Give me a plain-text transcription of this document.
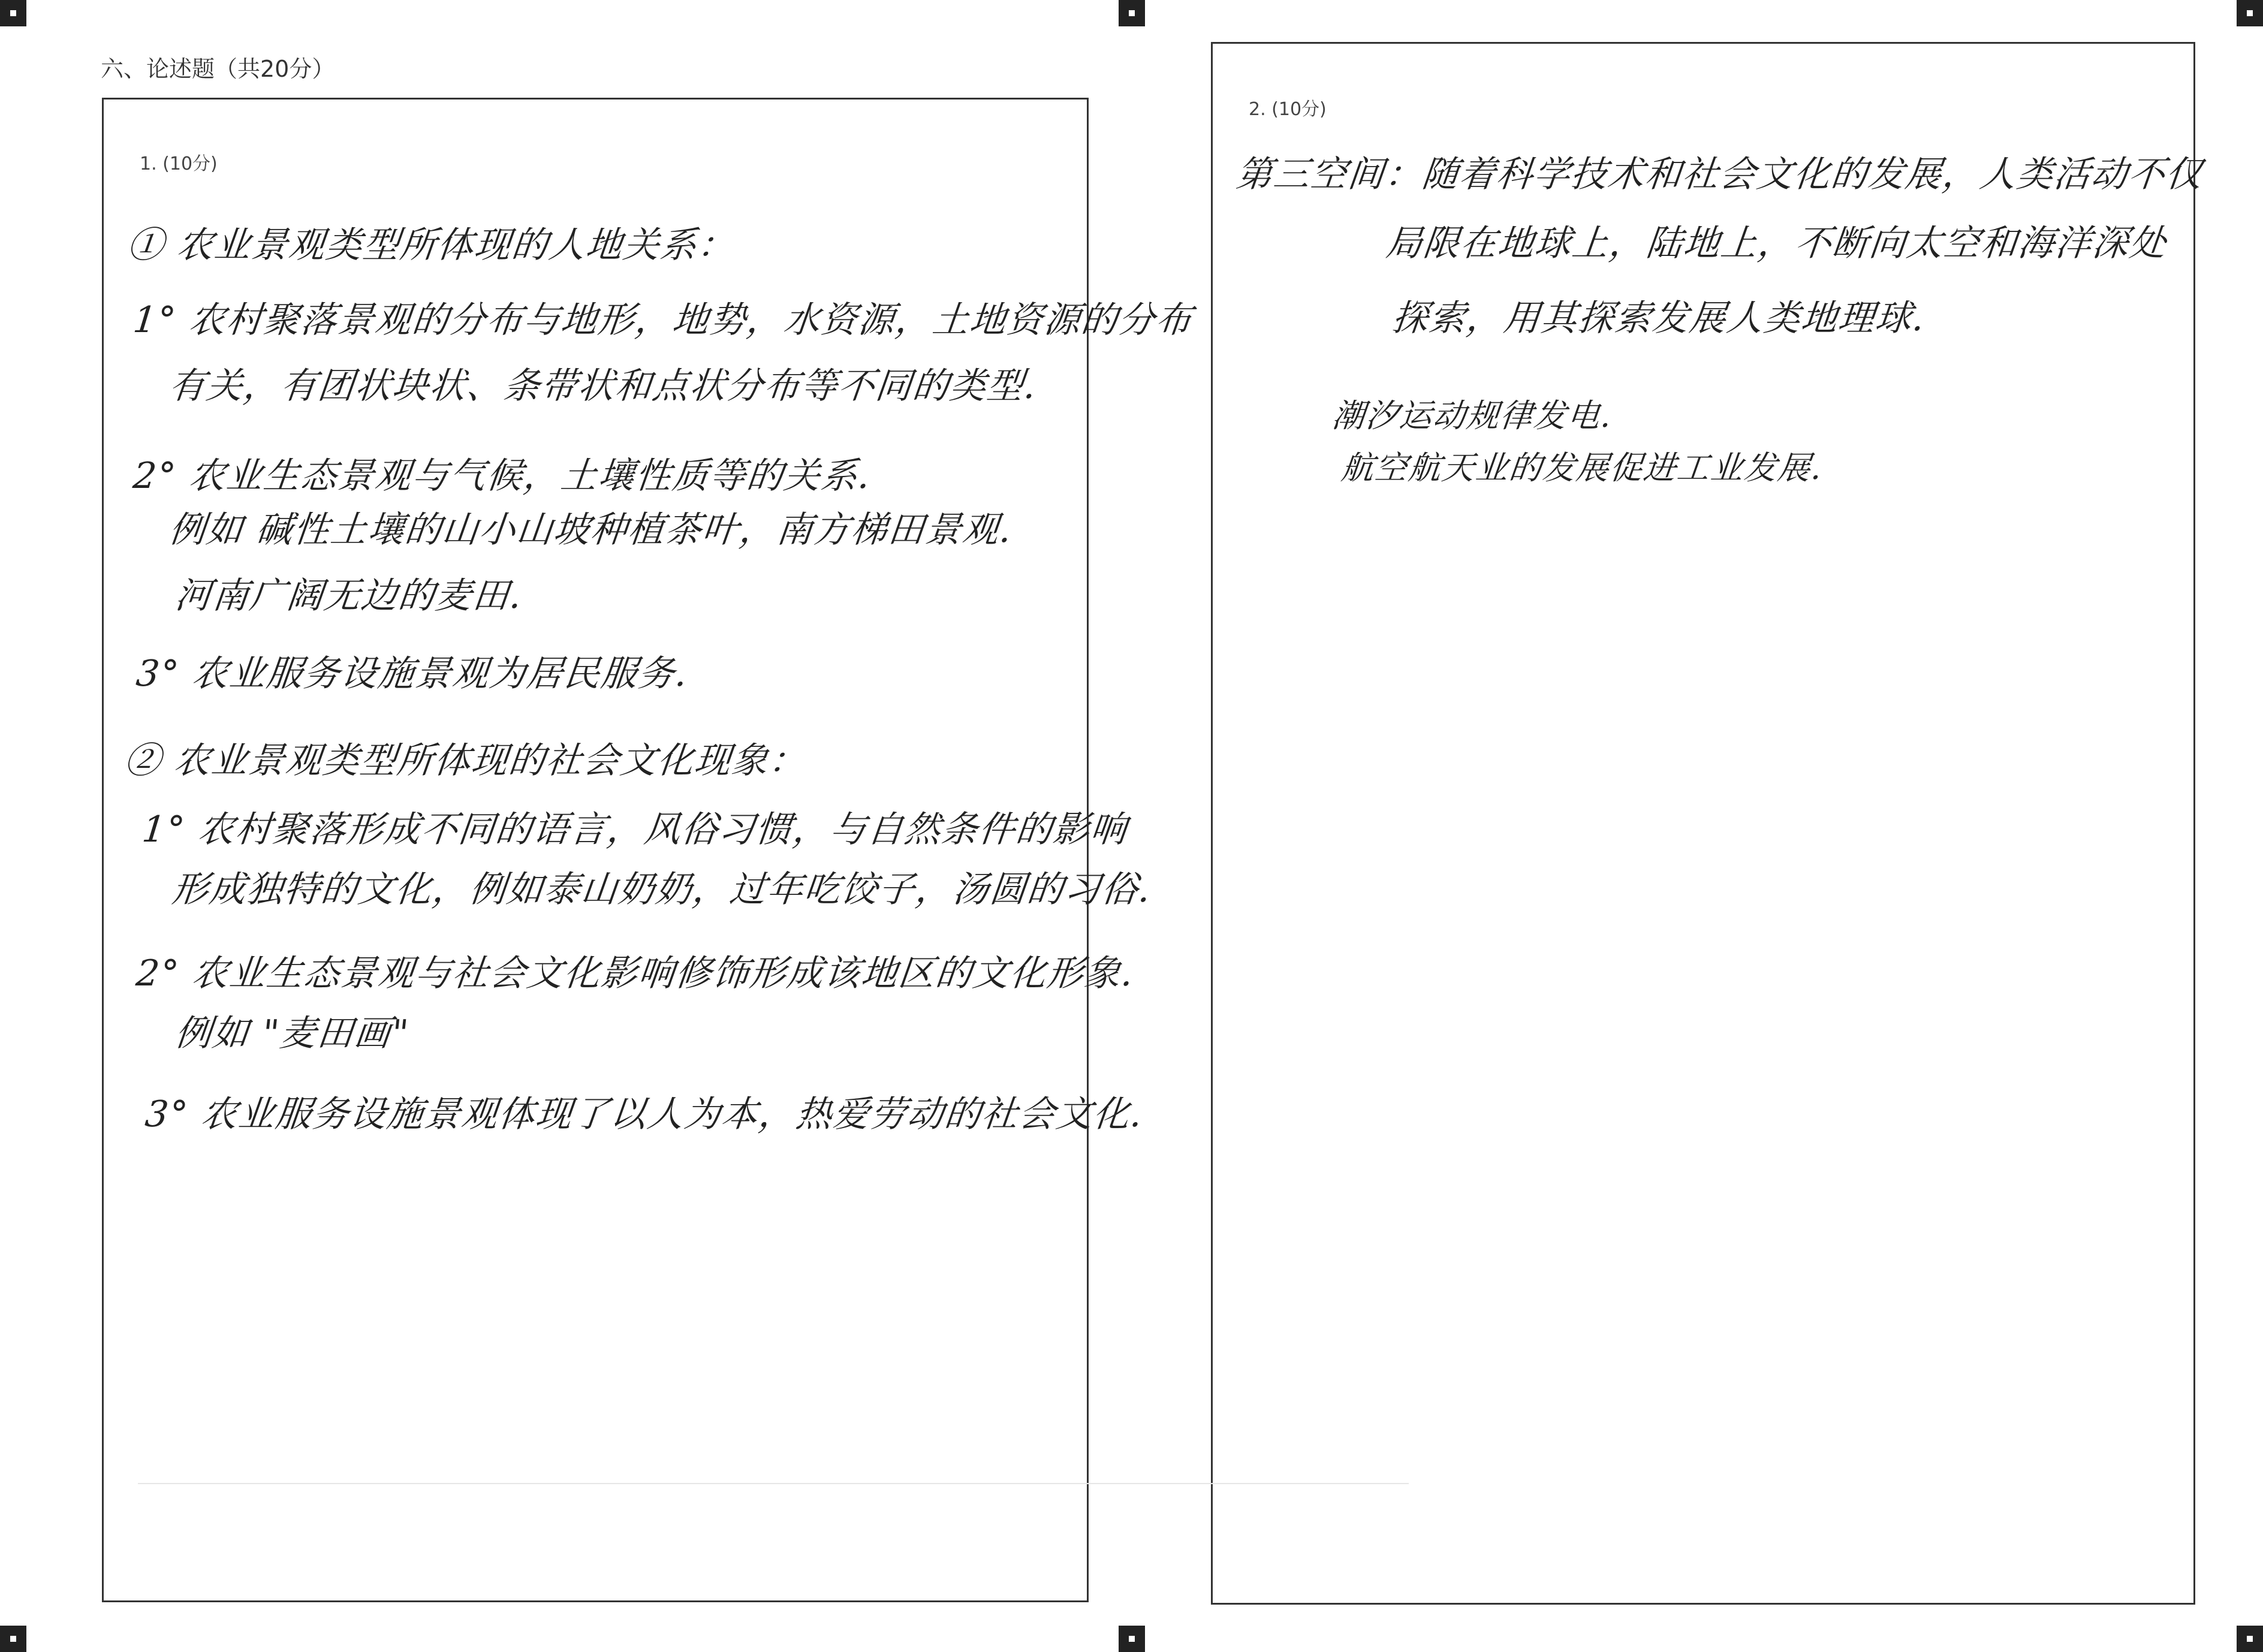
六、论述题（共20分）
1. (10分)
① 农业景观类型所体现的人地关系：
1° 农村聚落景观的分布与地形，地势，水资源，土地资源的分布
有关，有团状块状、条带状和点状分布等不同的类型.
2° 农业生态景观与气候，土壤性质等的关系.
例如 碱性土壤的山小山坡种植茶叶，南方梯田景观.
河南广阔无边的麦田.
3° 农业服务设施景观为居民服务.
② 农业景观类型所体现的社会文化现象：
1° 农村聚落形成不同的语言，风俗习惯，与自然条件的影响
形成独特的文化，例如泰山奶奶，过年吃饺子，汤圆的习俗.
2° 农业生态景观与社会文化影响修饰形成该地区的文化形象.
例如 "麦田画"
3° 农业服务设施景观体现了以人为本，热爱劳动的社会文化.
2. (10分)
第三空间：随着科学技术和社会文化的发展，人类活动不仅
局限在地球上，陆地上，不断向太空和海洋深处
探索，用其探索发展人类地理球.
潮汐运动规律发电.
航空航天业的发展促进工业发展.
